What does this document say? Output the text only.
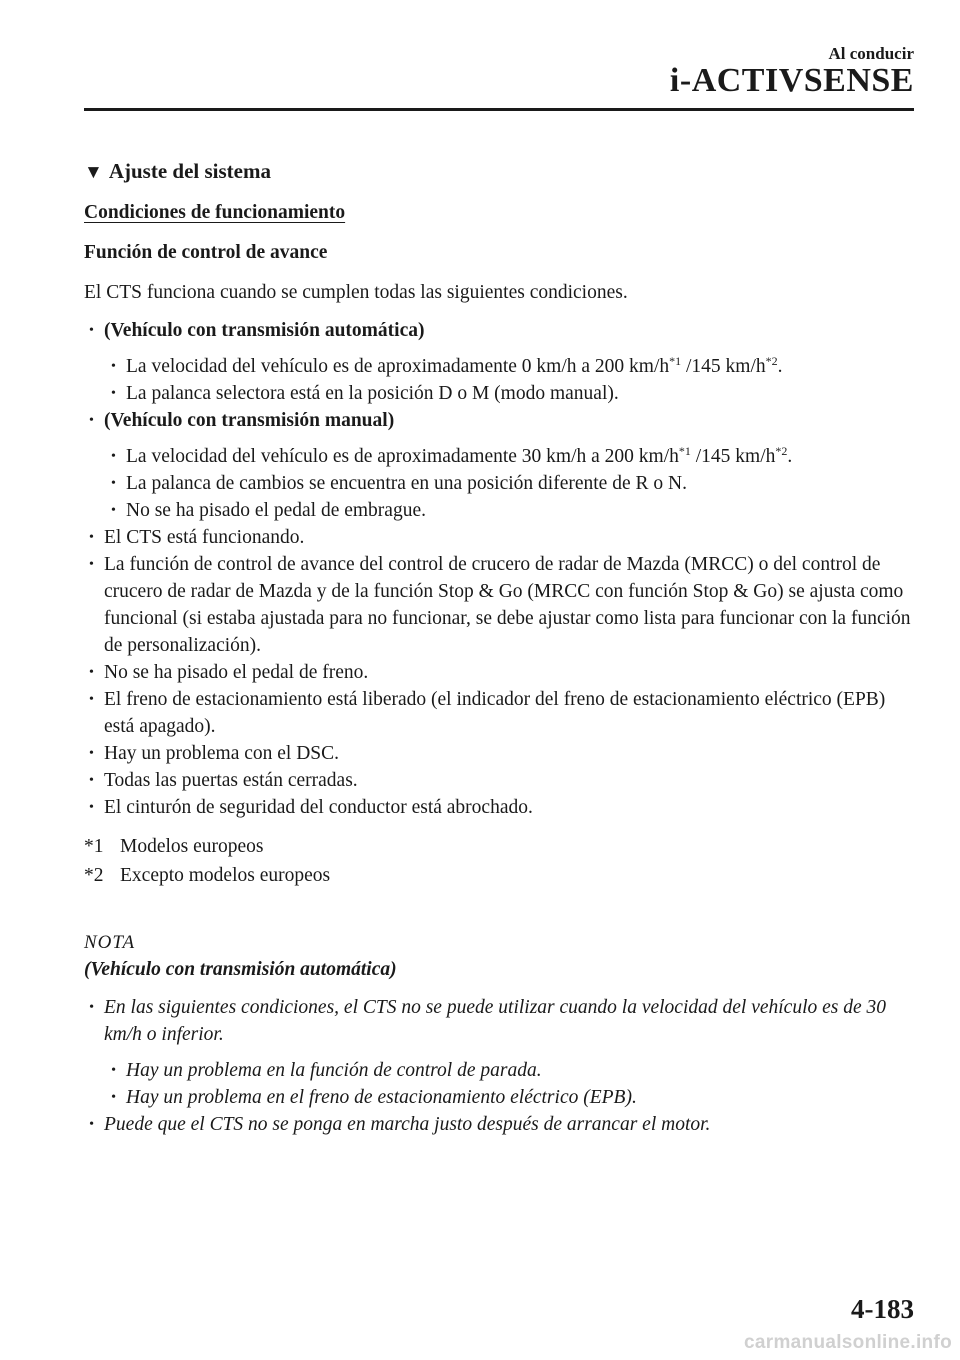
Al conducir
i-ACTIVSENSE
▼ Ajuste del sistema
Condiciones de funcionamiento
Función de control de avance
El CTS funciona cuando se cumplen todas las siguientes condiciones.
• (Vehículo con transmisión automática)
• La velocidad del vehículo es de aproximadamente 0 km/h a 200 $km/h^{*1}$ /145 $km/h^{*2}$.
• La palanca selectora está en la posición D o M (modo manual).
• (Vehículo con transmisión manual)
• La velocidad del vehículo es de aproximadamente 30 km/h a 200 $km/h^{*1}$ /145 $km/h^{*2}$.
• La palanca de cambios se encuentra en una posición diferente de R o N.
• No se ha pisado el pedal de embrague.
• El CTS está funcionando.
• La función de control de avance del control de crucero de radar de Mazda (MRCC) o del control de crucero de radar de Mazda y de la función Stop & Go (MRCC con función Stop & Go) se ajusta como funcional (si estaba ajustada para no funcionar, se debe ajustar como lista para funcionar con la función de personalización).
• No se ha pisado el pedal de freno.
• El freno de estacionamiento está liberado (el indicador del freno de estacionamiento eléctrico (EPB) está apagado).
• Hay un problema con el DSC.
• Todas las puertas están cerradas.
• El cinturón de seguridad del conductor está abrochado.
*1 Modelos europeos
*2 Excepto modelos europeos
NOTA
(Vehículo con transmisión automática)
• En las siguientes condiciones, el CTS no se puede utilizar cuando la velocidad del vehículo es de 30 km/h o inferior.
• Hay un problema en la función de control de parada.
• Hay un problema en el freno de estacionamiento eléctrico (EPB).
• Puede que el CTS no se ponga en marcha justo después de arrancar el motor.
4-183
carmanualsonline.info
